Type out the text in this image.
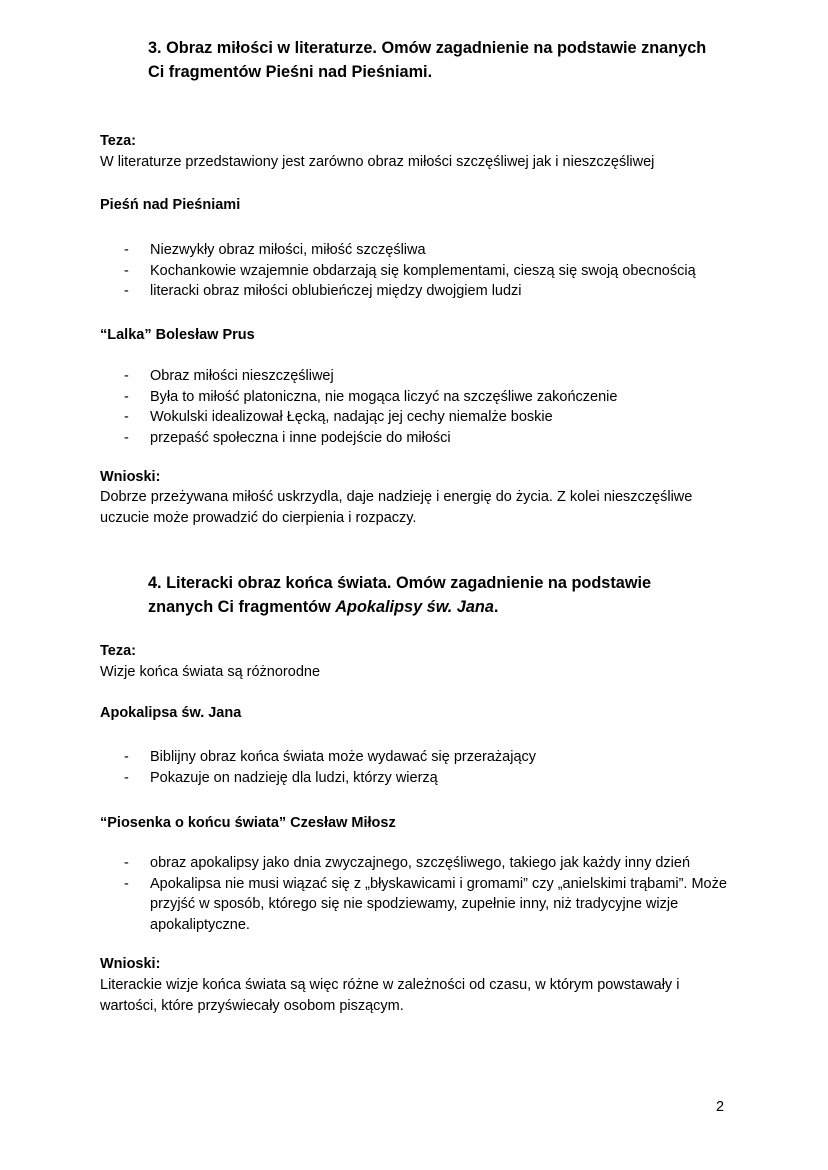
3. Obraz miłości w literaturze. Omów zagadnienie na podstawie znanych
Ci fragmentów Pieśni nad Pieśniami.
Teza:
W literaturze przedstawiony jest zarówno obraz miłości szczęśliwej jak i nieszczęśliwej
Pieśń nad Pieśniami
- Niezwykły obraz miłości, miłość szczęśliwa
- Kochankowie wzajemnie obdarzają się komplementami, cieszą się swoją obecnością
- literacki obraz miłości oblubieńczej między dwojgiem ludzi
“Lalka” Bolesław Prus
- Obraz miłości nieszczęśliwej
- Była to miłość platoniczna, nie mogąca liczyć na szczęśliwe zakończenie
- Wokulski idealizował Łęcką, nadając jej cechy niemalże boskie
- przepaść społeczna i inne podejście do miłości
Wnioski:
Dobrze przeżywana miłość uskrzydla, daje nadzieję i energię do życia. Z kolei nieszczęśliwe
uczucie może prowadzić do cierpienia i rozpaczy.
4. Literacki obraz końca świata. Omów zagadnienie na podstawie
znanych Ci fragmentów Apokalipsy św. Jana.
Teza:
Wizje końca świata są różnorodne
Apokalipsa św. Jana
- Biblijny obraz końca świata może wydawać się przerażający
- Pokazuje on nadzieję dla ludzi, którzy wierzą
“Piosenka o końcu świata” Czesław Miłosz
- obraz apokalipsy jako dnia zwyczajnego, szczęśliwego, takiego jak każdy inny dzień
- Apokalipsa nie musi wiązać się z „błyskawicami i gromami” czy „anielskimi trąbami”. Może przyjść w sposób, którego się nie spodziewamy, zupełnie inny, niż tradycyjne wizje apokaliptyczne.
Wnioski:
Literackie wizje końca świata są więc różne w zależności od czasu, w którym powstawały i
wartości, które przyświecały osobom piszącym.
2
